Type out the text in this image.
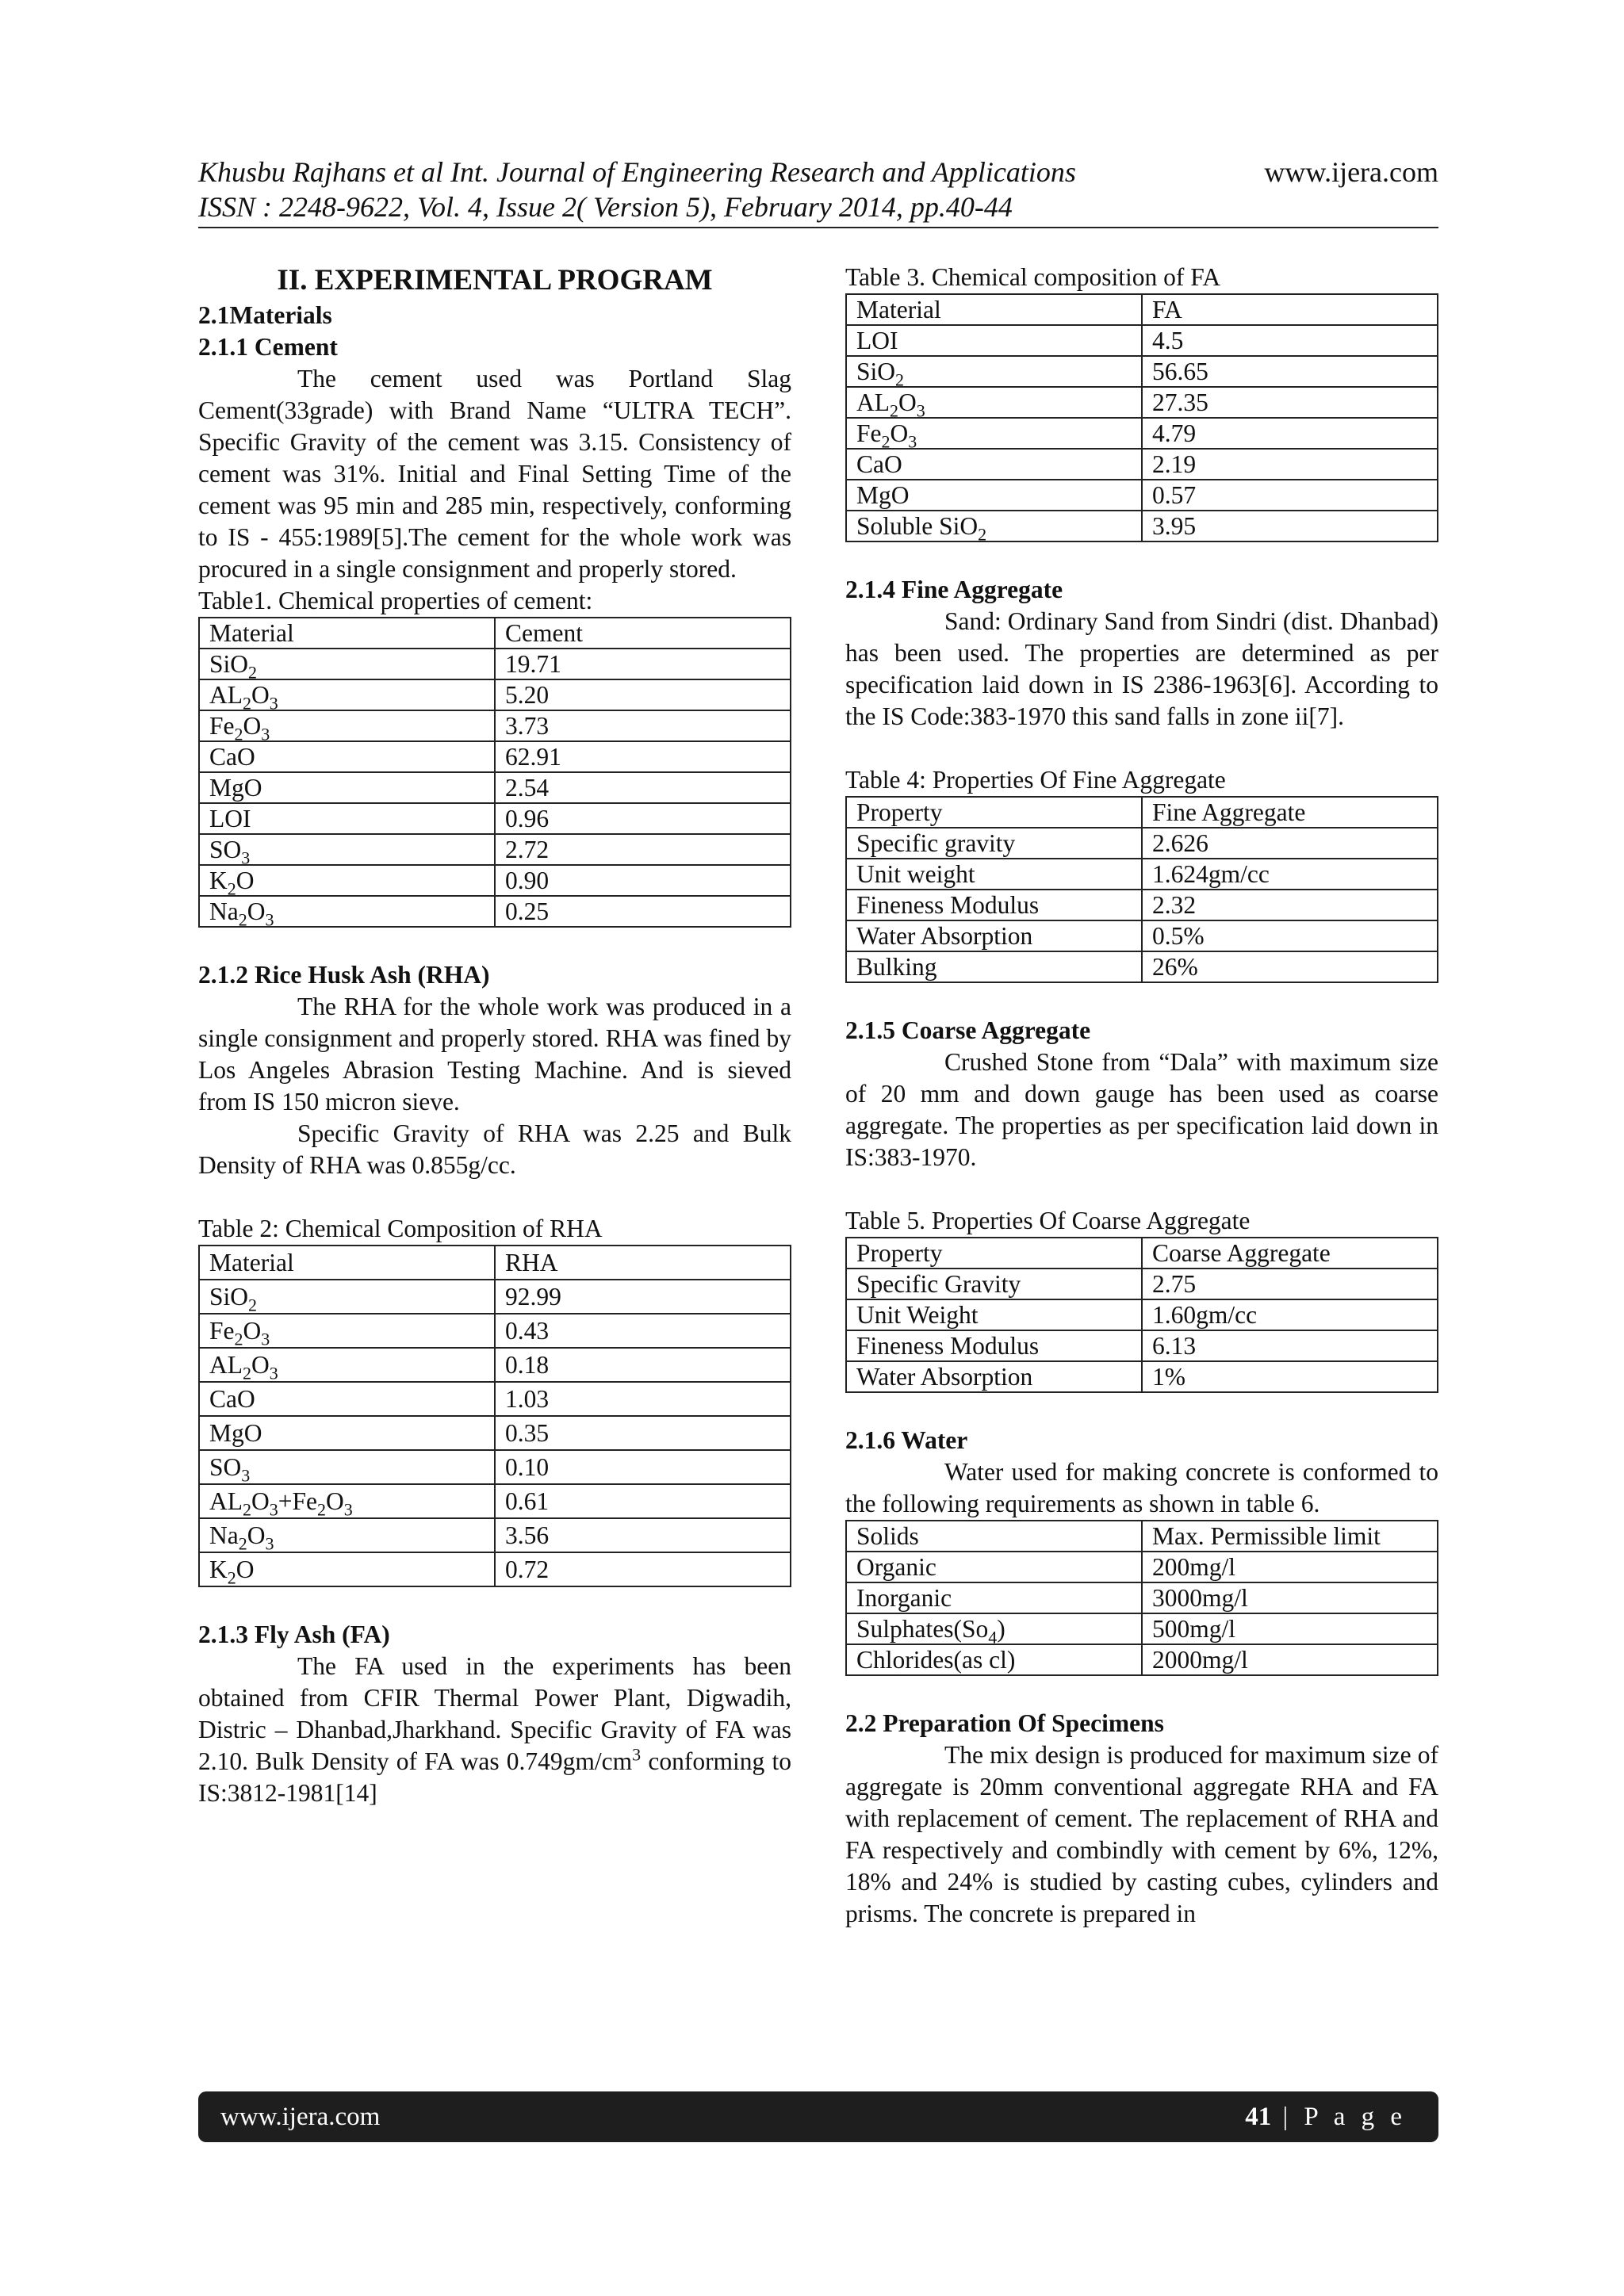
Khusbu Rajhans et al Int. Journal of Engineering Research and Applications
ISSN : 2248-9622, Vol. 4, Issue 2( Version 5), February 2014, pp.40-44
www.ijera.com
II. EXPERIMENTAL PROGRAM
2.1Materials
2.1.1 Cement

The cement used was Portland Slag Cement(33grade) with Brand Name “ULTRA TECH”. Specific Gravity of the cement was 3.15. Consistency of cement was 31%. Initial and Final Setting Time of the cement was 95 min and 285 min, respectively, conforming to IS - 455:1989[5].The cement for the whole work was procured in a single consignment and properly stored.

Table1. Chemical properties of cement:
Material	Cement
SiO$_2$	19.71
$AL_2O_3$	5.20
$Fe_2O_3$	3.73
CaO	62.91
MgO	2.54
LOI	0.96
$SO_3$	2.72
$K_2O$	0.90
$Na_2O_3$	0.25
2.1.2 Rice Husk Ash (RHA)

The RHA for the whole work was produced in a single consignment and properly stored. RHA was fined by Los Angeles Abrasion Testing Machine. And is sieved from IS 150 micron sieve.

Specific Gravity of RHA was 2.25 and Bulk Density of RHA was 0.855g/cc.

Table 2: Chemical Composition of RHA
Material	RHA
SiO$_2$	92.99
$Fe_2O_3$	0.43
$AL_2O_3$	0.18
CaO	1.03
MgO	0.35
$SO_3$	0.10
$AL_2O_3+Fe_2O_3$	0.61
$Na_2O_3$	3.56
$K_2O$	0.72
2.1.3 Fly Ash (FA)

The FA used in the experiments has been obtained from CFIR Thermal Power Plant, Digwadih, Distric – Dhanbad,Jharkhand. Specific Gravity of FA was 2.10. Bulk Density of FA was $0.749gm/cm^3$ conforming to IS:3812-1981[14]

Table 3. Chemical composition of FA
Material	FA
LOI	4.5
SiO$_2$	56.65
$AL_2O_3$	27.35
$Fe_2O_3$	4.79
CaO	2.19
MgO	0.57
Soluble SiO$_2$	3.95
2.1.4 Fine Aggregate

Sand: Ordinary Sand from Sindri (dist. Dhanbad) has been used. The properties are determined as per specification laid down in IS 2386-1963[6]. According to the IS Code:383-1970 this sand falls in zone ii[7].

Table 4: Properties Of Fine Aggregate
Property	Fine Aggregate
Specific gravity	2.626
Unit weight	1.624gm/cc
Fineness Modulus	2.32
Water Absorption	0.5%
Bulking	26%
2.1.5 Coarse Aggregate

Crushed Stone from “Dala” with maximum size of 20 mm and down gauge has been used as coarse aggregate. The properties as per specification laid down in IS:383-1970.

Table 5. Properties Of Coarse Aggregate
Property	Coarse Aggregate
Specific Gravity	2.75
Unit Weight	1.60gm/cc
Fineness Modulus	6.13
Water Absorption	1%
2.1.6 Water

Water used for making concrete is conformed to the following requirements as shown in table 6.

Solids	Max. Permissible limit
Organic	200mg/l
Inorganic	3000mg/l
$Sulphates(So_4)$	500mg/l
Chlorides(as cl)	2000mg/l
2.2 Preparation Of Specimens

The mix design is produced for maximum size of aggregate is 20mm conventional aggregate RHA and FA with replacement of cement. The replacement of RHA and FA respectively and combindly with cement by 6%, 12%, 18% and 24% is studied by casting cubes, cylinders and prisms. The concrete is prepared in

www.ijera.com	41 | P a g e
